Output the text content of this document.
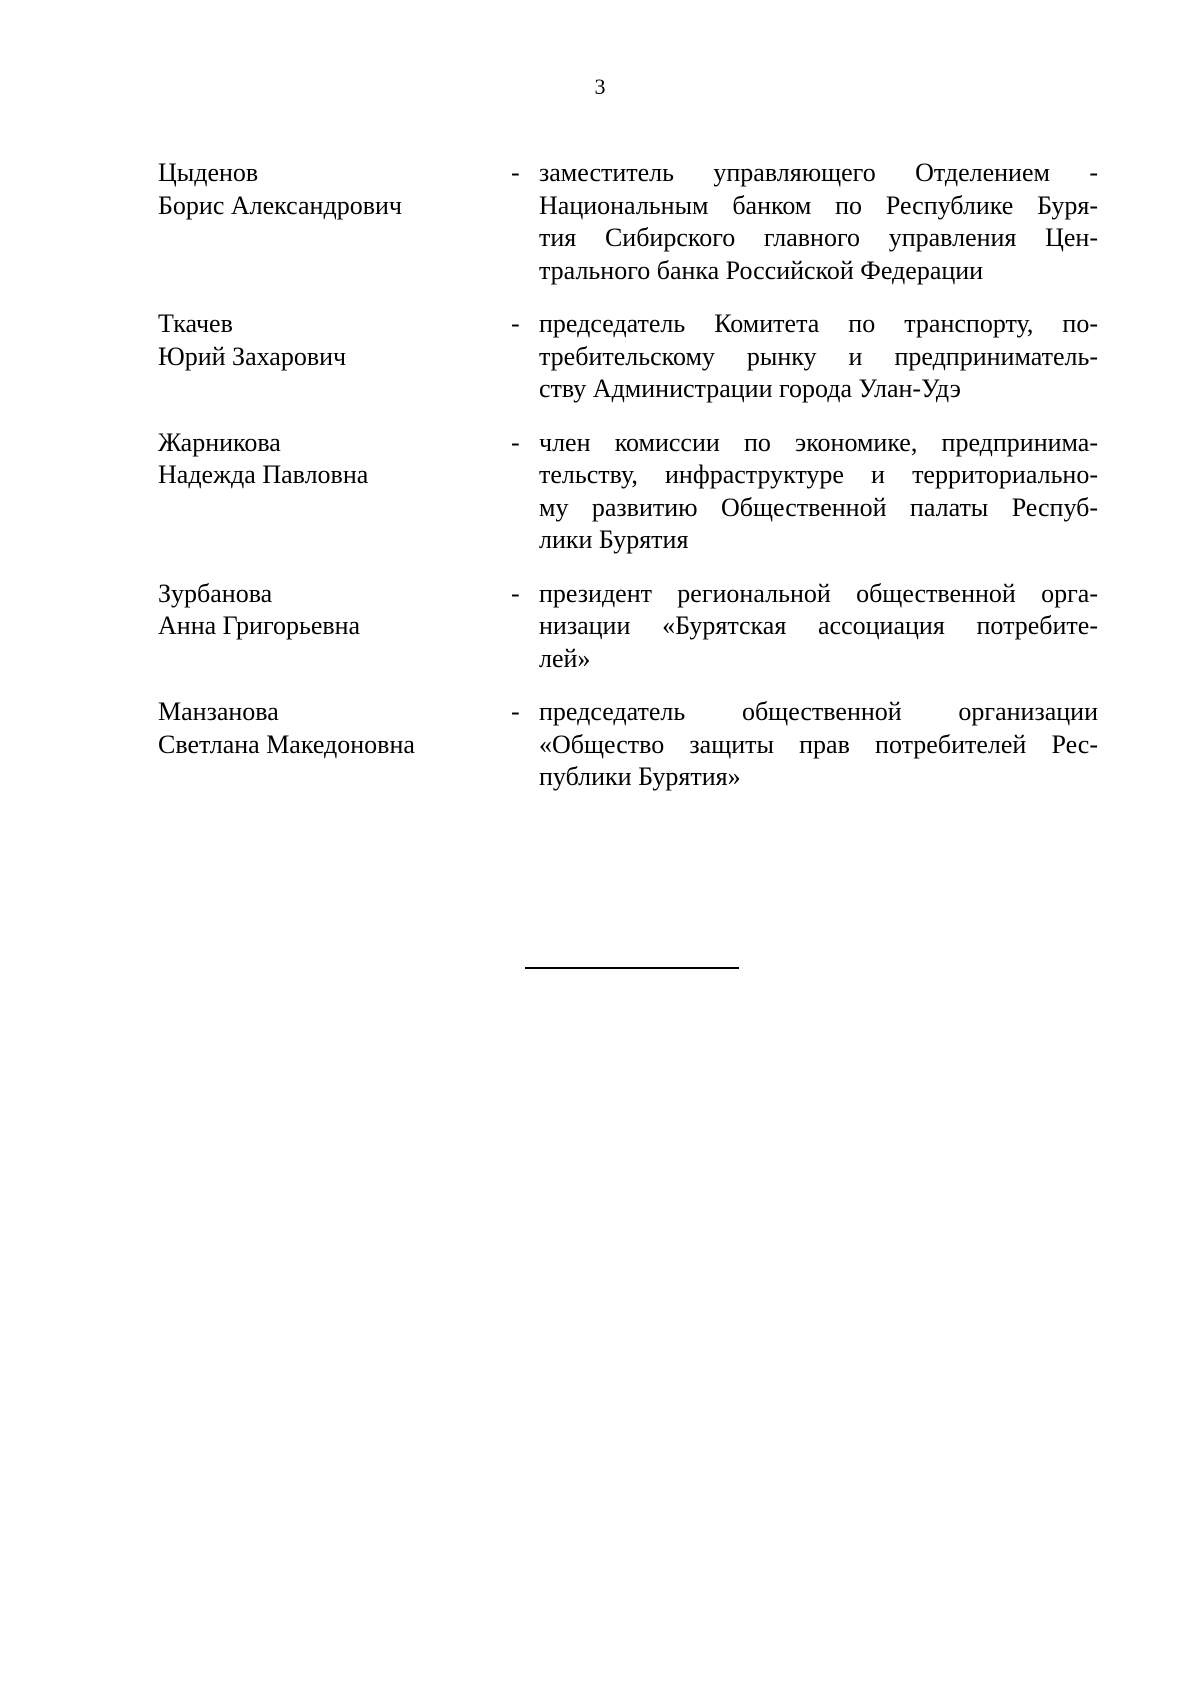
3
Цыденов
Борис Александрович
- заместитель управляющего Отделением -
Национальным банком по Республике Буря-
тия Сибирского главного управления Цен-
трального банка Российской Федерации
Ткачев
Юрий Захарович
- председатель Комитета по транспорту, по-
требительскому рынку и предприниматель-
ству Администрации города Улан-Удэ
Жарникова
Надежда Павловна
- член комиссии по экономике, предпринима-
тельству, инфраструктуре и территориально-
му развитию Общественной палаты Респуб-
лики Бурятия
Зурбанова
Анна Григорьевна
- президент региональной общественной орга-
низации «Бурятская ассоциация потребите-
лей»
Манзанова
Светлана Македоновна
- председатель общественной организации
«Общество защиты прав потребителей Рес-
публики Бурятия»
